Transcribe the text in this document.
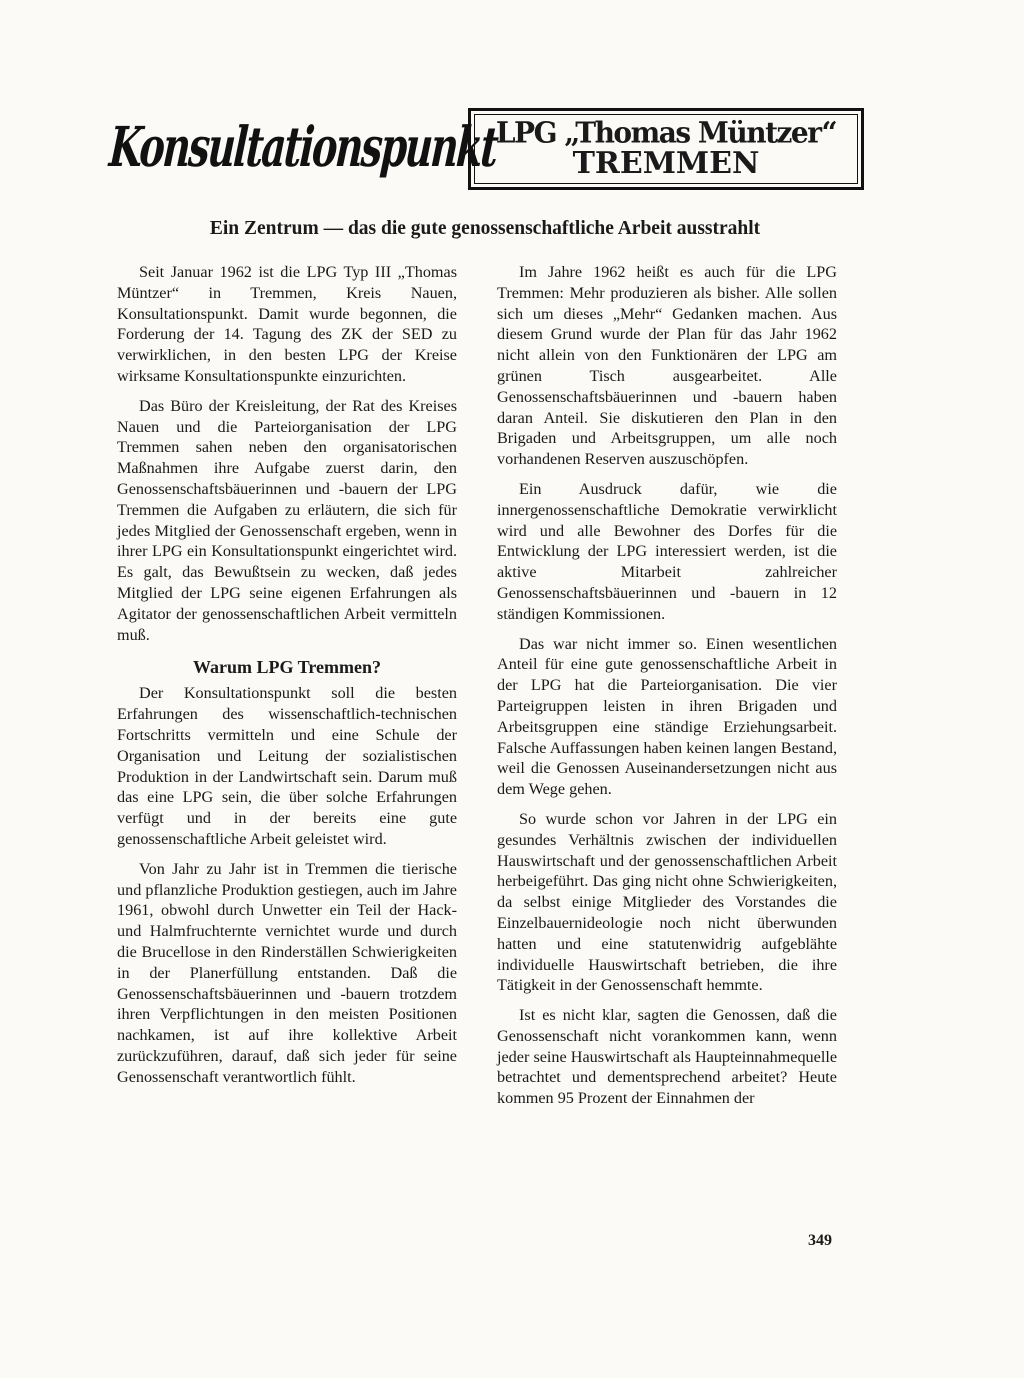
Konsultationspunkt
LPG „Thomas Müntzer“
TREMMEN
Ein Zentrum — das die gute genossenschaftliche Arbeit ausstrahlt

Seit Januar 1962 ist die LPG Typ III „Thomas Müntzer“ in Tremmen, Kreis Nauen, Konsultationspunkt. Damit wurde begonnen, die Forderung der 14. Tagung des ZK der SED zu verwirklichen, in den besten LPG der Kreise wirksame Konsultationspunkte einzurichten.

Das Büro der Kreisleitung, der Rat des Kreises Nauen und die Parteiorganisation der LPG Tremmen sahen neben den organisatorischen Maßnahmen ihre Aufgabe zuerst darin, den Genossenschaftsbäuerinnen und -bauern der LPG Tremmen die Aufgaben zu erläutern, die sich für jedes Mitglied der Genossenschaft ergeben, wenn in ihrer LPG ein Konsultationspunkt eingerichtet wird. Es galt, das Bewußtsein zu wecken, daß jedes Mitglied der LPG seine eigenen Erfahrungen als Agitator der genossenschaftlichen Arbeit vermitteln muß.

Warum LPG Tremmen?

Der Konsultationspunkt soll die besten Erfahrungen des wissenschaftlich-technischen Fortschritts vermitteln und eine Schule der Organisation und Leitung der sozialistischen Produktion in der Landwirtschaft sein. Darum muß das eine LPG sein, die über solche Erfahrungen verfügt und in der bereits eine gute genossenschaftliche Arbeit geleistet wird.

Von Jahr zu Jahr ist in Tremmen die tierische und pflanzliche Produktion gestiegen, auch im Jahre 1961, obwohl durch Unwetter ein Teil der Hack- und Halmfruchternte vernichtet wurde und durch die Brucellose in den Rinderställen Schwierigkeiten in der Planerfüllung entstanden. Daß die Genossenschaftsbäuerinnen und -bauern trotzdem ihren Verpflichtungen in den meisten Positionen nachkamen, ist auf ihre kollektive Arbeit zurückzuführen, darauf, daß sich jeder für seine Genossenschaft verantwortlich fühlt.

Im Jahre 1962 heißt es auch für die LPG Tremmen: Mehr produzieren als bisher. Alle sollen sich um dieses „Mehr“ Gedanken machen. Aus diesem Grund wurde der Plan für das Jahr 1962 nicht allein von den Funktionären der LPG am grünen Tisch ausgearbeitet. Alle Genossenschaftsbäuerinnen und -bauern haben daran Anteil. Sie diskutieren den Plan in den Brigaden und Arbeitsgruppen, um alle noch vorhandenen Reserven auszuschöpfen.

Ein Ausdruck dafür, wie die innergenossenschaftliche Demokratie verwirklicht wird und alle Bewohner des Dorfes für die Entwicklung der LPG interessiert werden, ist die aktive Mitarbeit zahlreicher Genossenschaftsbäuerinnen und -bauern in 12 ständigen Kommissionen.

Das war nicht immer so. Einen wesentlichen Anteil für eine gute genossenschaftliche Arbeit in der LPG hat die Parteiorganisation. Die vier Parteigruppen leisten in ihren Brigaden und Arbeitsgruppen eine ständige Erziehungsarbeit. Falsche Auffassungen haben keinen langen Bestand, weil die Genossen Auseinandersetzungen nicht aus dem Wege gehen.

So wurde schon vor Jahren in der LPG ein gesundes Verhältnis zwischen der individuellen Hauswirtschaft und der genossenschaftlichen Arbeit herbeigeführt. Das ging nicht ohne Schwierigkeiten, da selbst einige Mitglieder des Vorstandes die Einzelbauernideologie noch nicht überwunden hatten und eine statutenwidrig aufgeblähte individuelle Hauswirtschaft betrieben, die ihre Tätigkeit in der Genossenschaft hemmte.

Ist es nicht klar, sagten die Genossen, daß die Genossenschaft nicht vorankommen kann, wenn jeder seine Hauswirtschaft als Haupteinnahmequelle betrachtet und dementsprechend arbeitet? Heute kommen 95 Prozent der Einnahmen der

349
